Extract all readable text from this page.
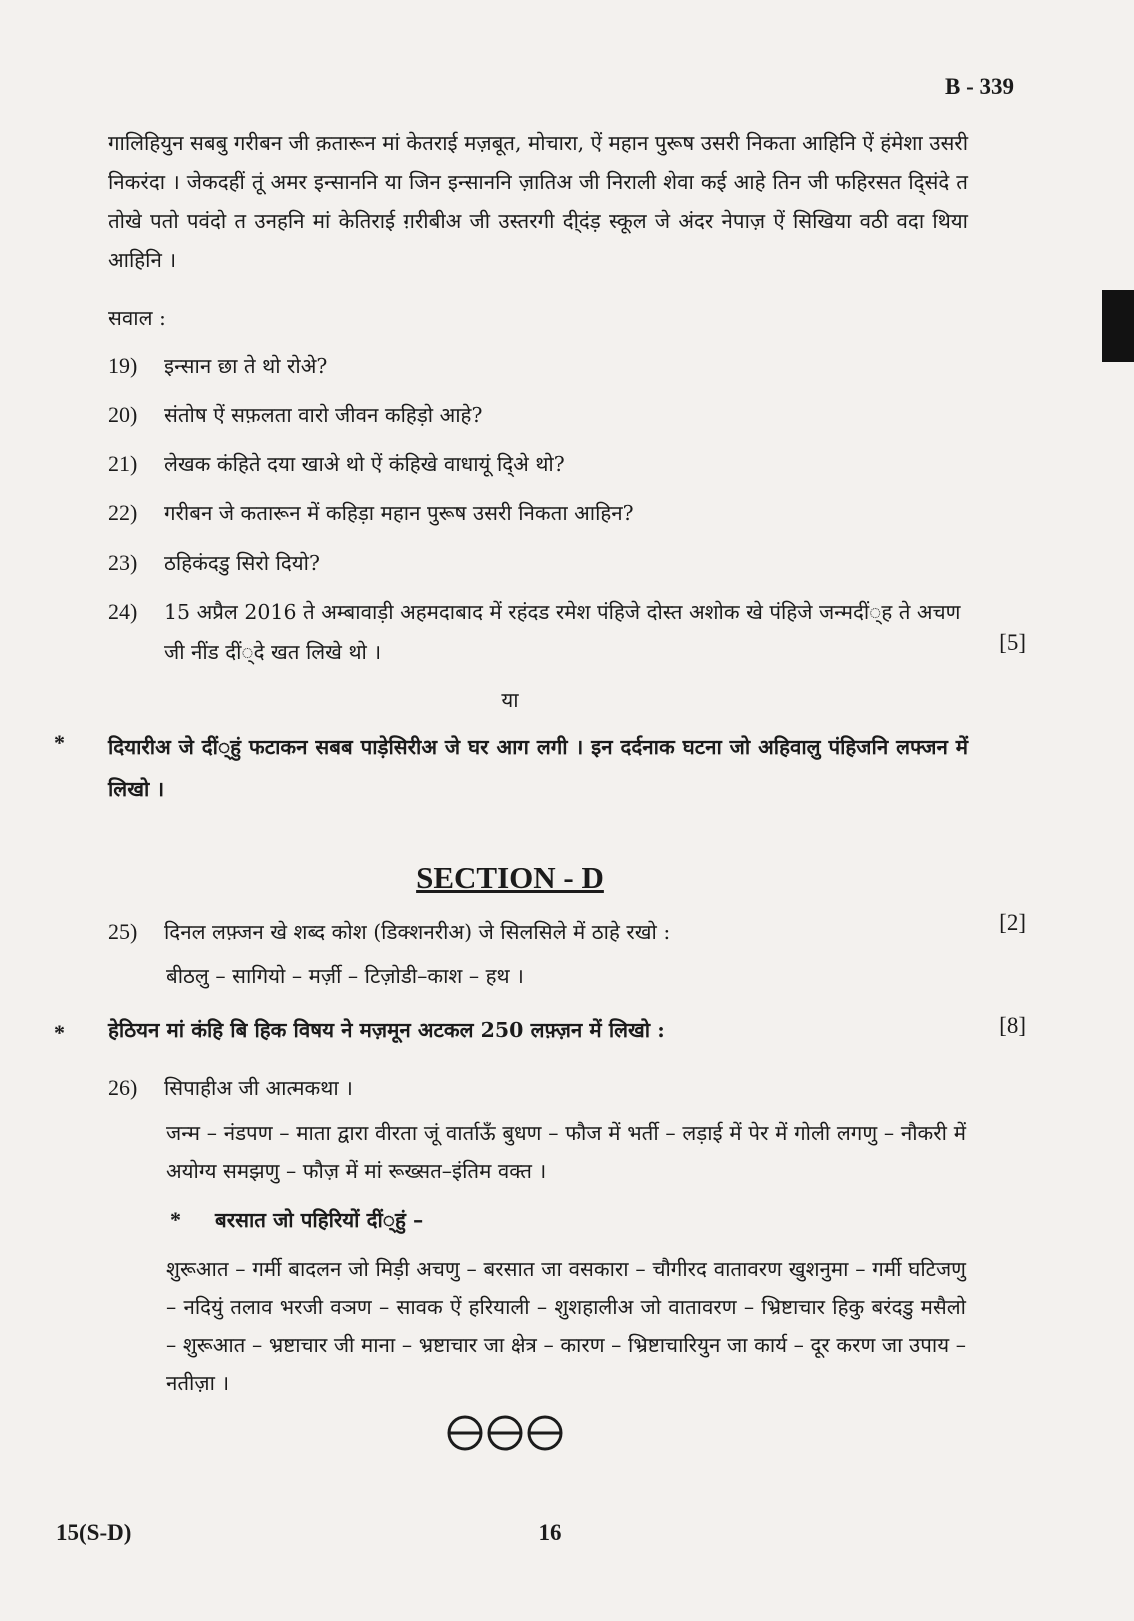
B - 339
गालिहियुन सबबु गरीबन जी क़तारून मां केतराई मज़बूत, मोचारा, ऐं महान पुरूष उसरी निकता आहिनि ऐं हंमेशा उसरी निकरंदा । जेकदहीं तूं अमर इन्साननि या जिन इन्साननि ज़ातिअ जी निराली शेवा कई आहे तिन जी फहिरसत दि्संदे त तोखे पतो पवंदो त उनहनि मां केतिराई ग़रीबीअ जी उस्तरगी दी्दंड़ स्कूल जे अंदर नेपाज़ ऐं सिखिया वठी वदा थिया आहिनि ।
सवाल :
19) इन्सान छा ते थो रोअे?
20) संतोष ऐं सफ़लता वारो जीवन कहिड़ो आहे?
21) लेखक कंहिते दया खाअे थो ऐं कंहिखे वाधायूं दि्अे थो?
22) गरीबन जे कतारून में कहिड़ा महान पुरूष उसरी निकता आहिन?
23) ठहिकंदडु सिरो दियो?
24)	15 अप्रैल 2016 ते अम्बावाड़ी अहमदाबाद में रहंदड रमेश पंहिजे दोस्त अशोक खे पंहिजे जन्मदीं्ह ते अचण जी नींड दीं्दे खत लिखे थो ।	[5]
या
* दियारीअ जे दीं्हुं फटाकन सबब पाड़ेसिरीअ जे घर आग लगी । इन दर्दनाक घटना जो अहिवालु पंहिजनि लफ्जन में लिखो ।
SECTION - D
25) दिनल लफ़्जन खे शब्द कोश (डिक्शनरीअ) जे सिलसिले में ठाहे रखो :	[2]
बीठलु – सागियो – मर्ज़ी – टिज़ोडी–काश – हथ ।
* हेठियन मां कंहि बि हिक विषय ने मज़मून अटकल 250 लफ़्ज़न में लिखो :	[8]
26) सिपाहीअ जी आत्मकथा ।
जन्म – नंडपण – माता द्वारा वीरता जूं वार्ताऊँ बुधण – फौज में भर्ती – लड़ाई में पेर में गोली लगणु – नौकरी में अयोग्य समझणु – फौज़ में मां रूख्सत–इंतिम वक्त ।
* बरसात जो पहिरियों दीं्हुं –
शुरूआत – गर्मी बादलन जो मिड़ी अचणु – बरसात जा वसकारा – चौगीरद वातावरण खुशनुमा – गर्मी घटिजणु – नदियुं तलाव भरजी वञण – सावक ऐं हरियाली – शुशहालीअ जो वातावरण – भ्रिष्टाचार हिकु बरंदडु मसैलो – शुरूआत – भ्रष्टाचार जी माना – भ्रष्टाचार जा क्षेत्र – कारण – भ्रिष्टाचारियुन जा कार्य – दूर करण जा उपाय – नतीज़ा ।
15(S-D)	16
